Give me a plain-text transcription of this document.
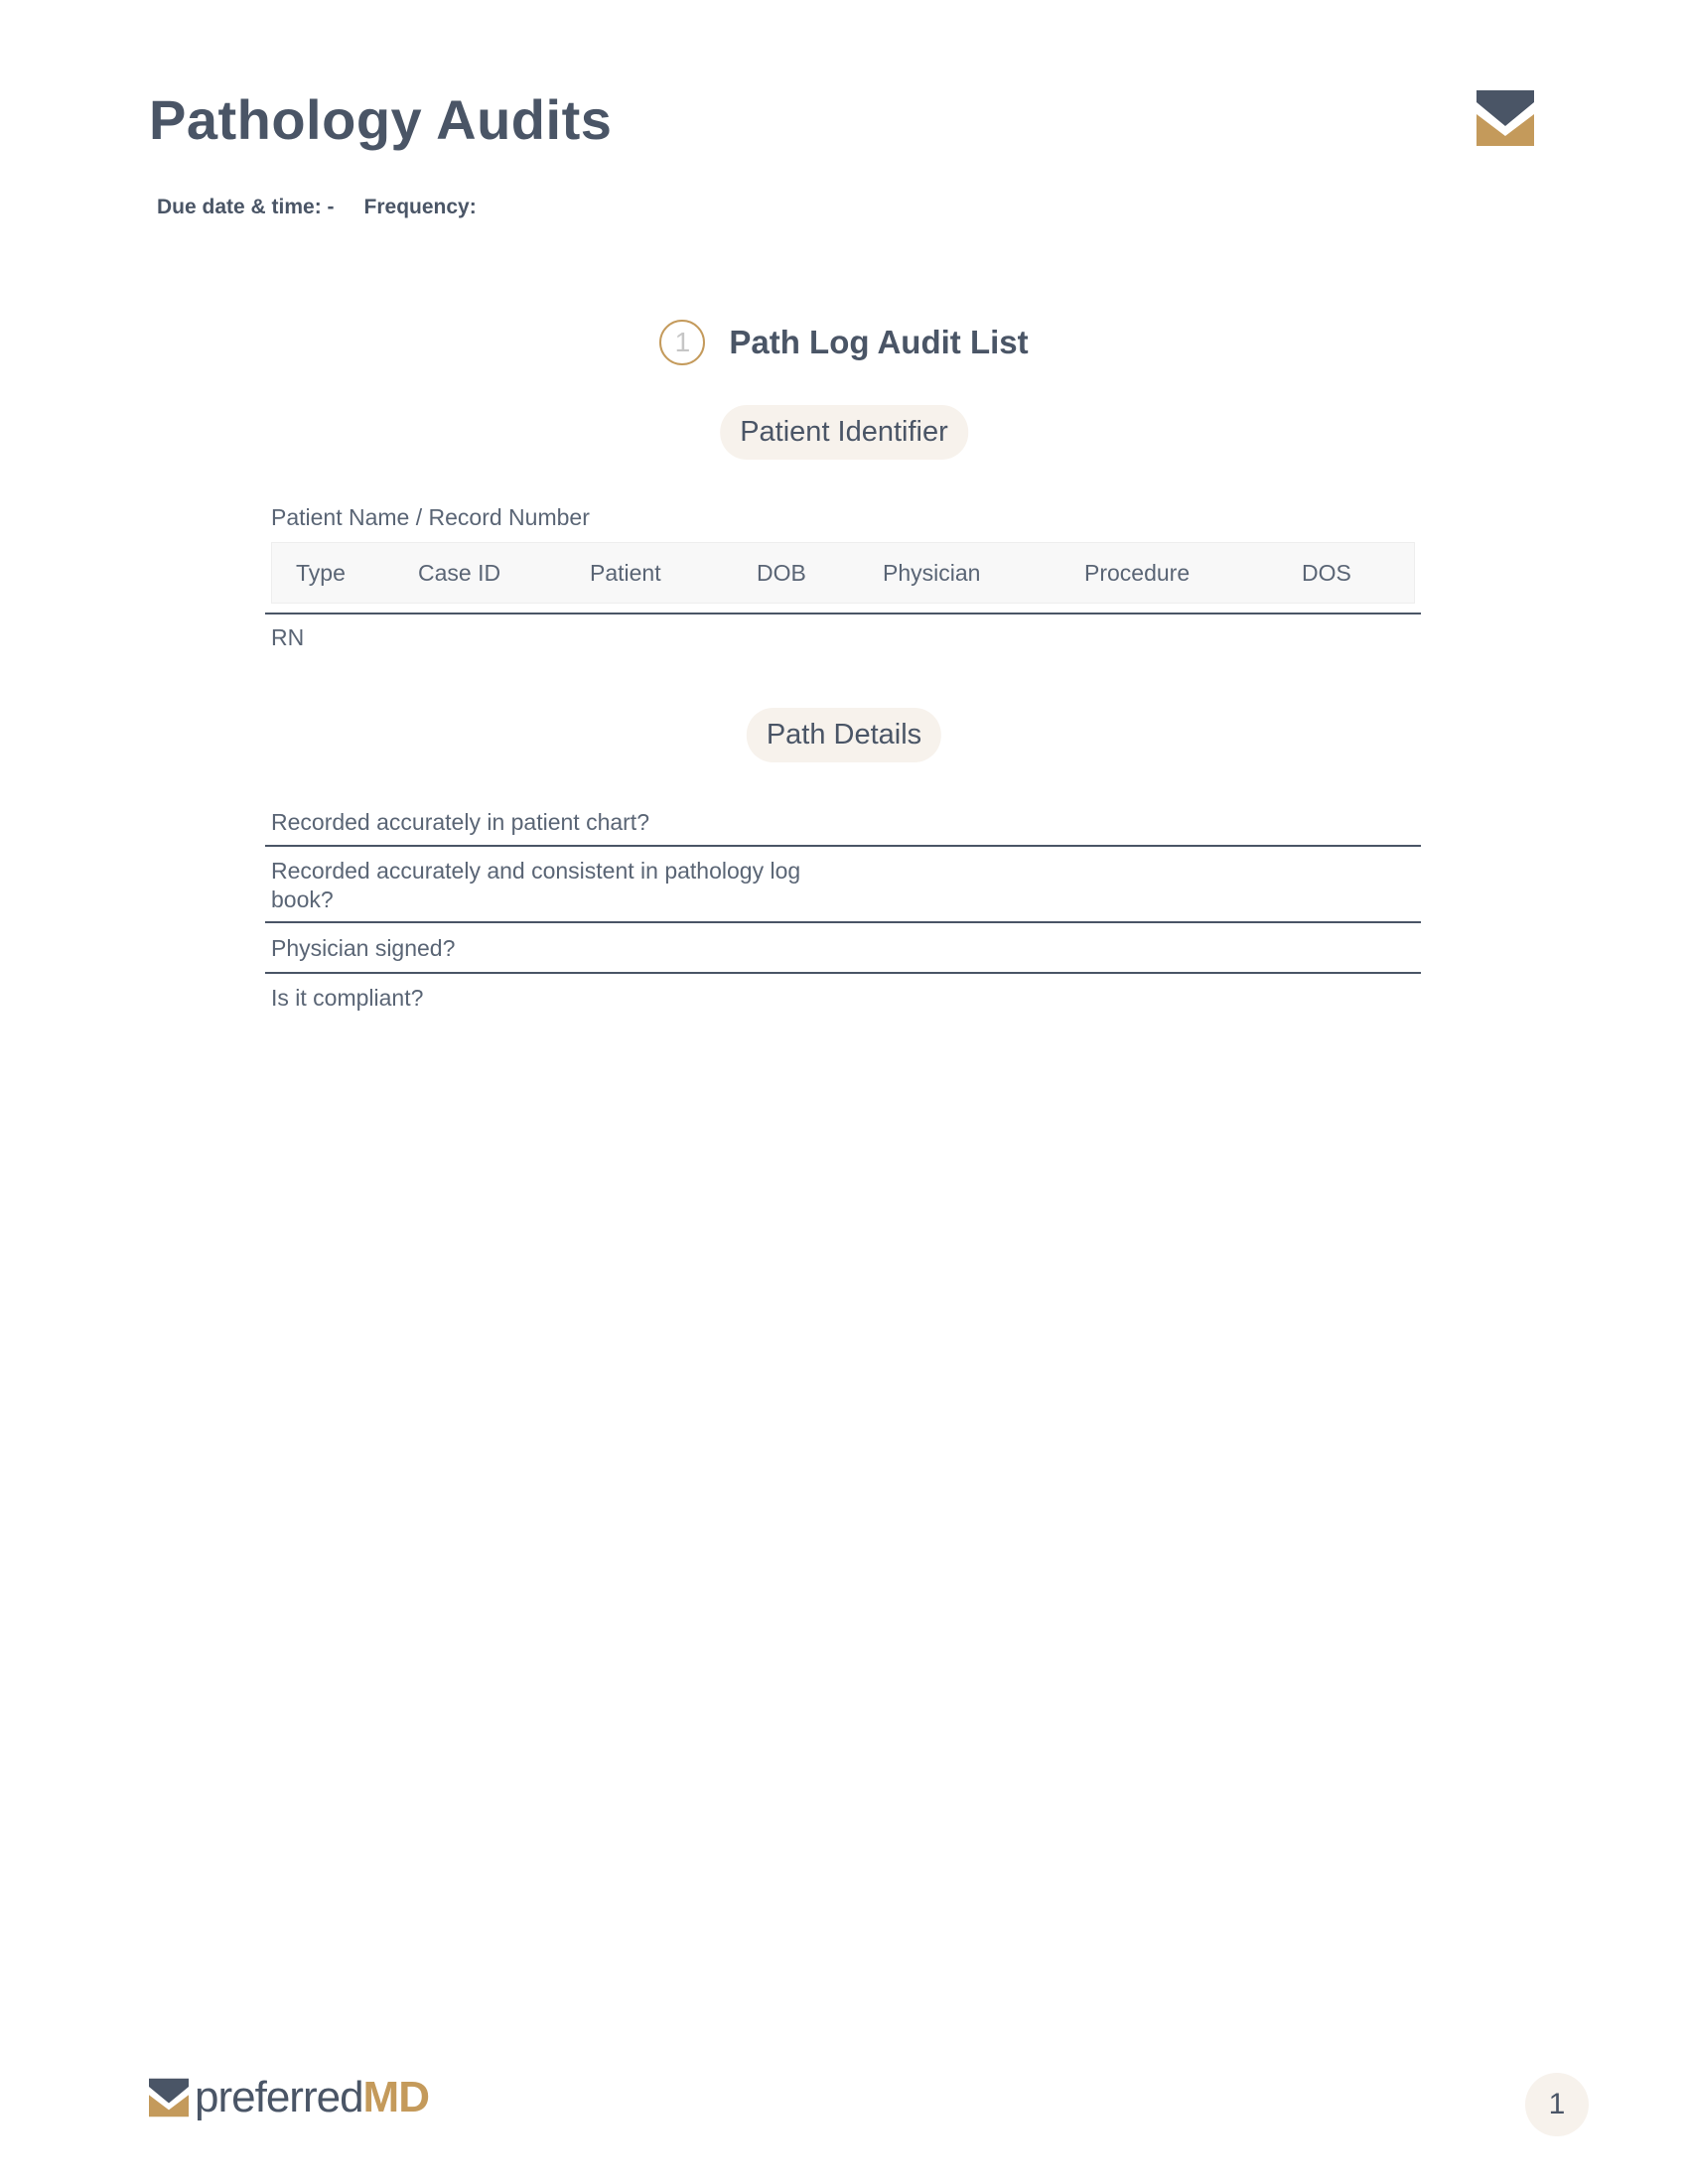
Pathology Audits
Due date & time: - Frequency:
1	Path Log Audit List
Patient Identifier
Patient Name / Record Number
Type	Case ID	Patient	DOB	Physician	Procedure	DOS
RN
Path Details
Recorded accurately in patient chart?
Recorded accurately and consistent in pathology log book?
Physician signed?
Is it compliant?
preferredMD	1
